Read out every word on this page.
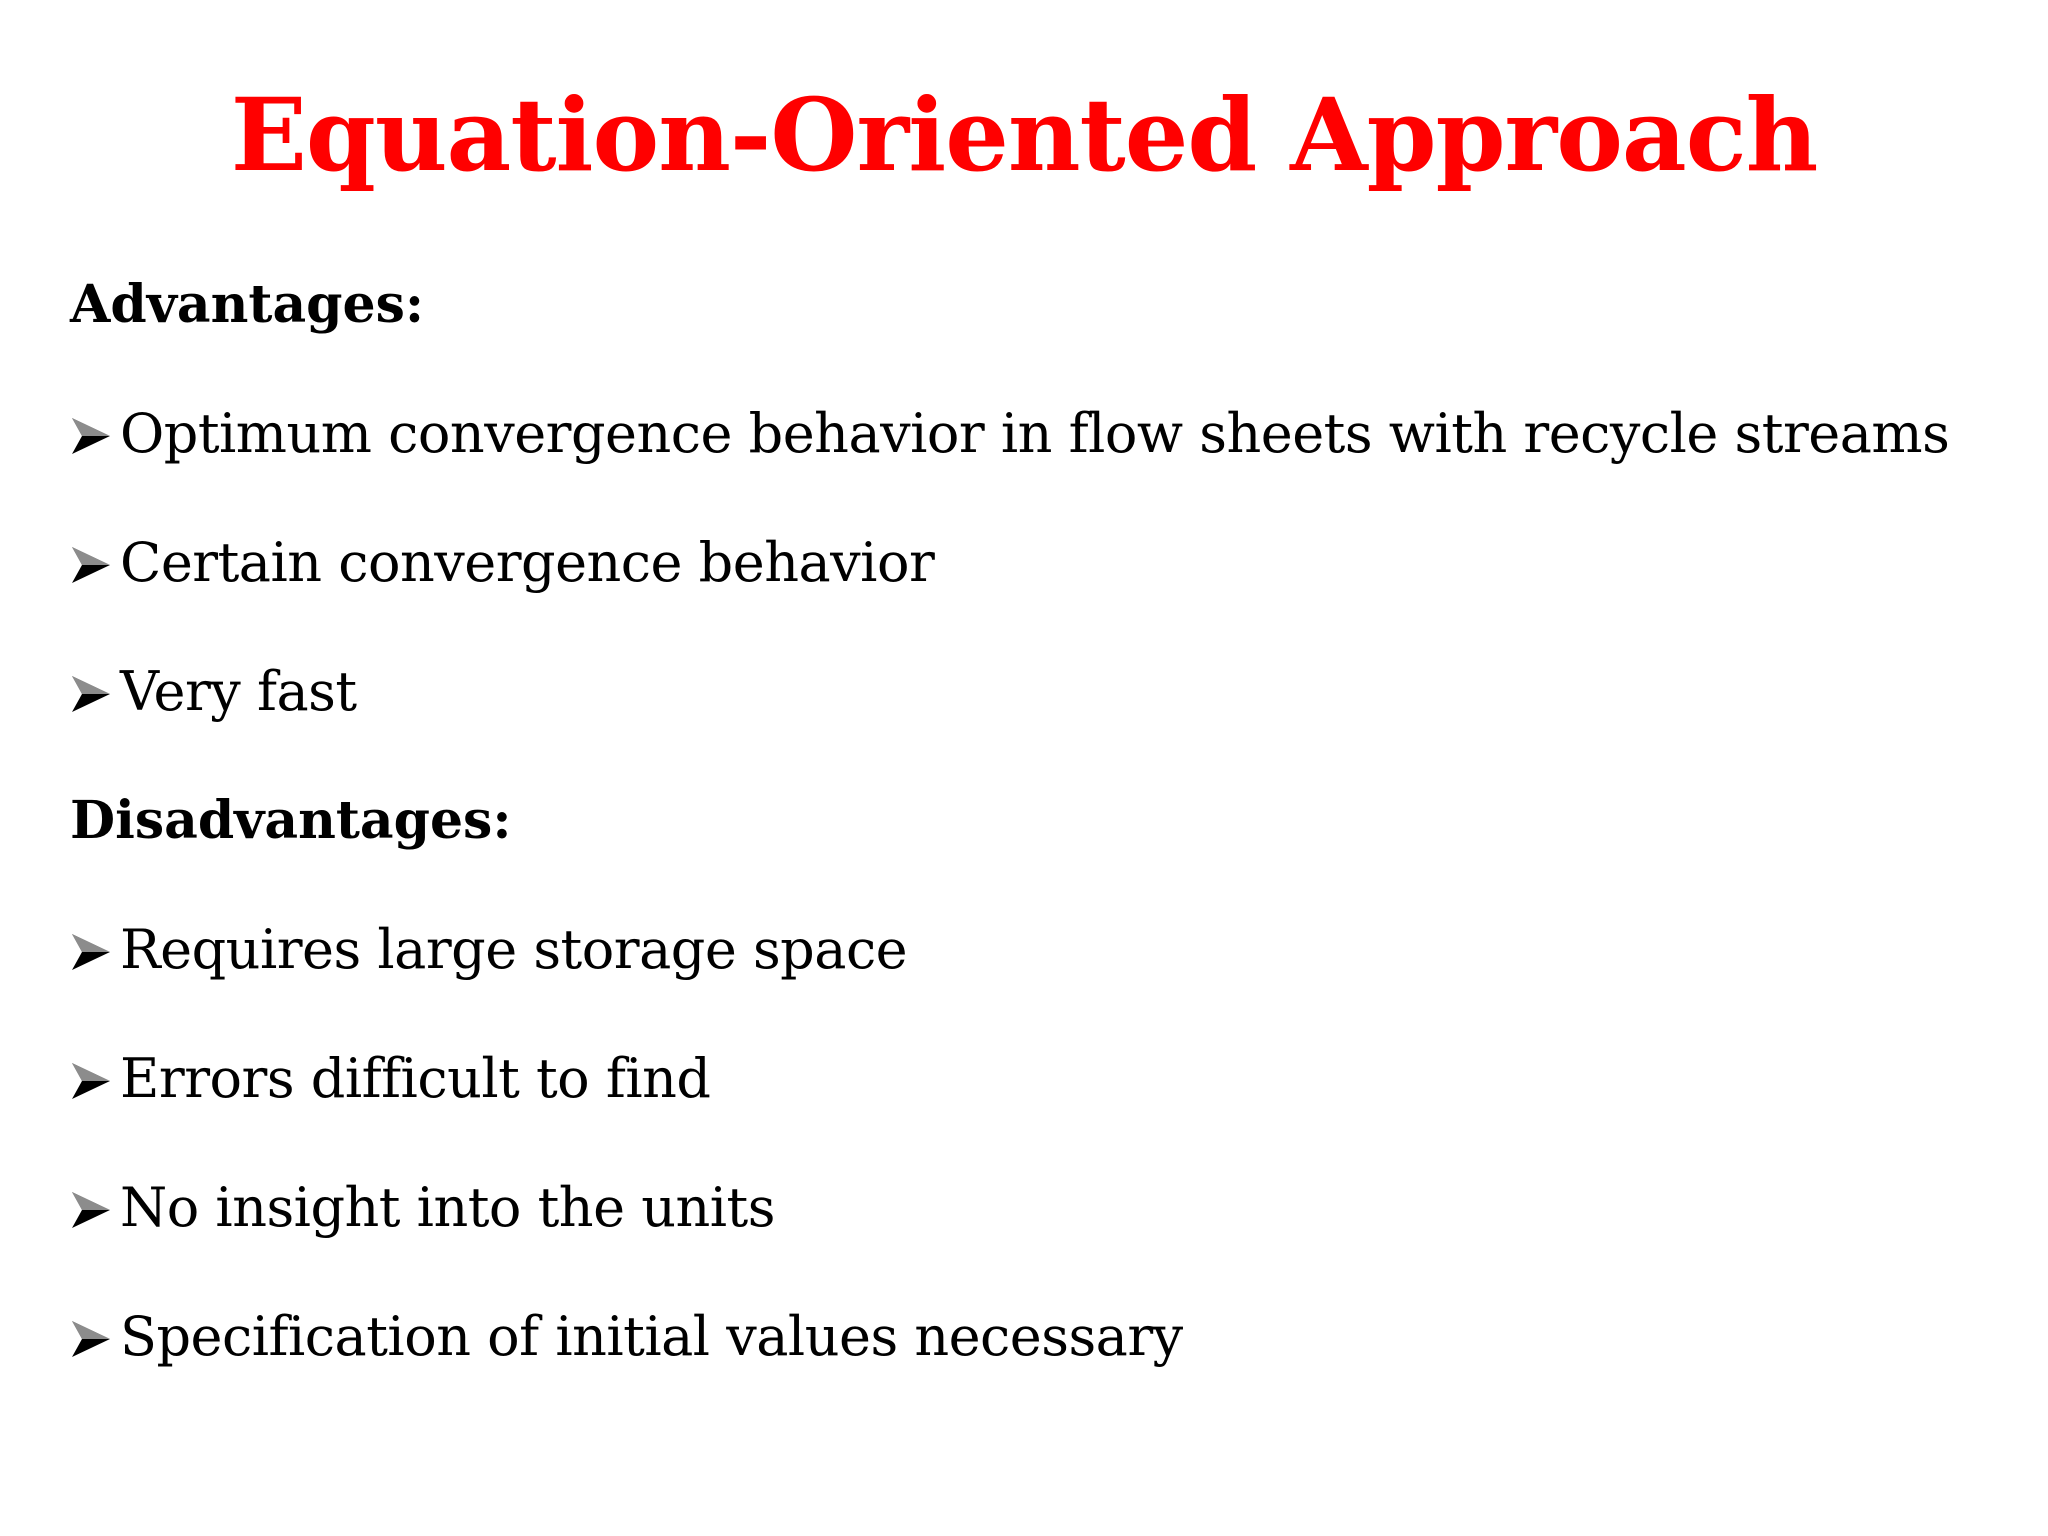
Equation-Oriented Approach
Advantages:
Optimum convergence behavior in flow sheets with recycle streams
Certain convergence behavior
Very fast
Disadvantages:
Requires large storage space
Errors difficult to find
No insight into the units
Specification of initial values necessary
